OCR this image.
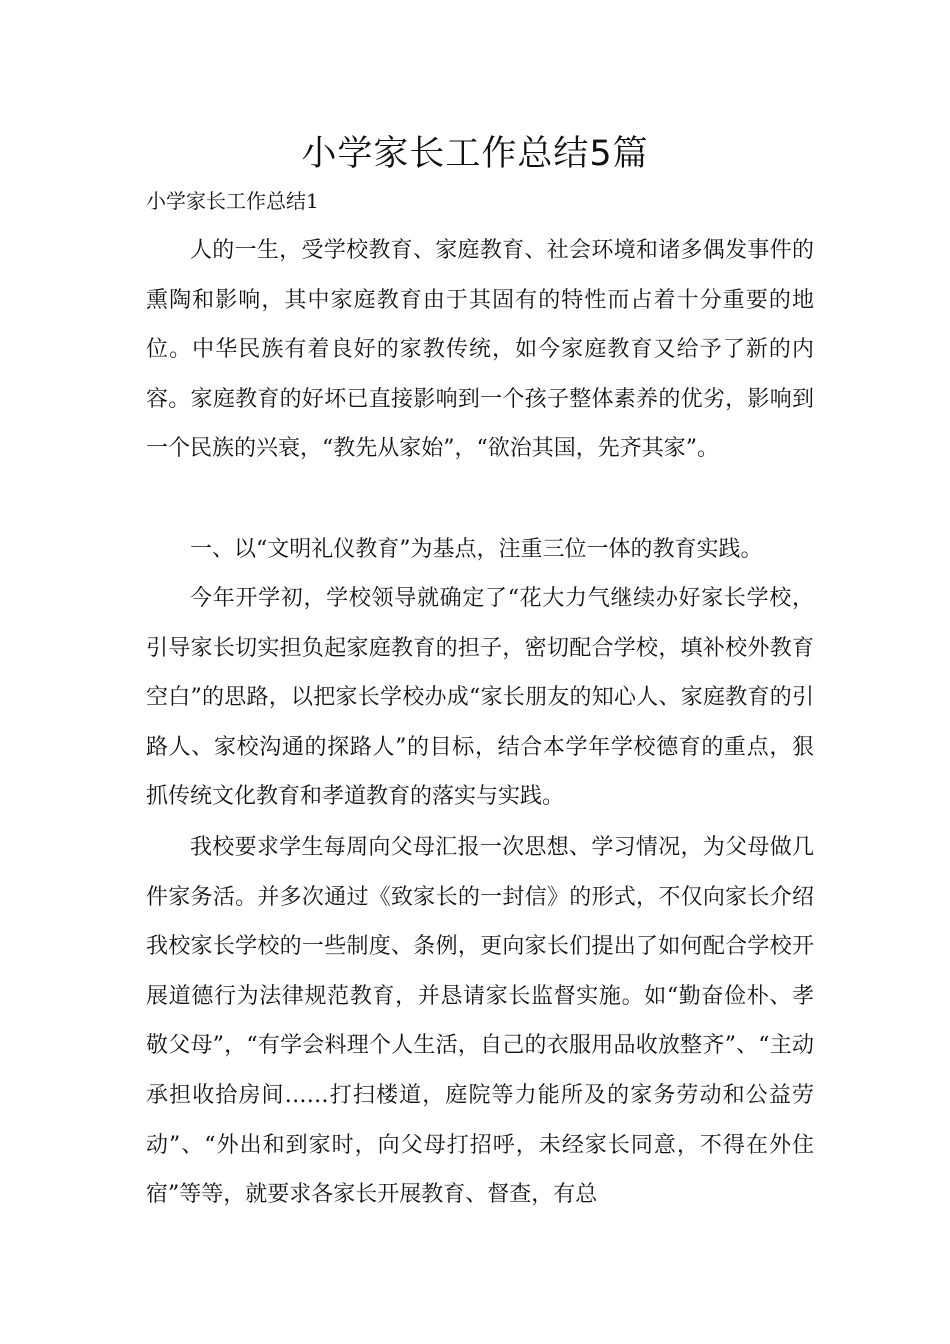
小学家长工作总结5篇

小学家长工作总结1

人的一生，受学校教育、家庭教育、社会环境和诸多偶发事件的熏陶和影响，其中家庭教育由于其固有的特性而占着十分重要的地位。中华民族有着良好的家教传统，如今家庭教育又给予了新的内容。家庭教育的好坏已直接影响到一个孩子整体素养的优劣，影响到一个民族的兴衰，“教先从家始”，“欲治其国，先齐其家”。

一、以“文明礼仪教育”为基点，注重三位一体的教育实践。

今年开学初，学校领导就确定了“花大力气继续办好家长学校，引导家长切实担负起家庭教育的担子，密切配合学校，填补校外教育空白”的思路，以把家长学校办成“家长朋友的知心人、家庭教育的引路人、家校沟通的探路人”的目标，结合本学年学校德育的重点，狠抓传统文化教育和孝道教育的落实与实践。

我校要求学生每周向父母汇报一次思想、学习情况，为父母做几件家务活。并多次通过《致家长的一封信》的形式，不仅向家长介绍我校家长学校的一些制度、条例，更向家长们提出了如何配合学校开展道德行为法律规范教育，并恳请家长监督实施。如“勤奋俭朴、孝敬父母”，“有学会料理个人生活，自己的衣服用品收放整齐”、“主动承担收拾房间……打扫楼道，庭院等力能所及的家务劳动和公益劳动”、“外出和到家时，向父母打招呼，未经家长同意，不得在外住宿”等等，就要求各家长开展教育、督查，有总
